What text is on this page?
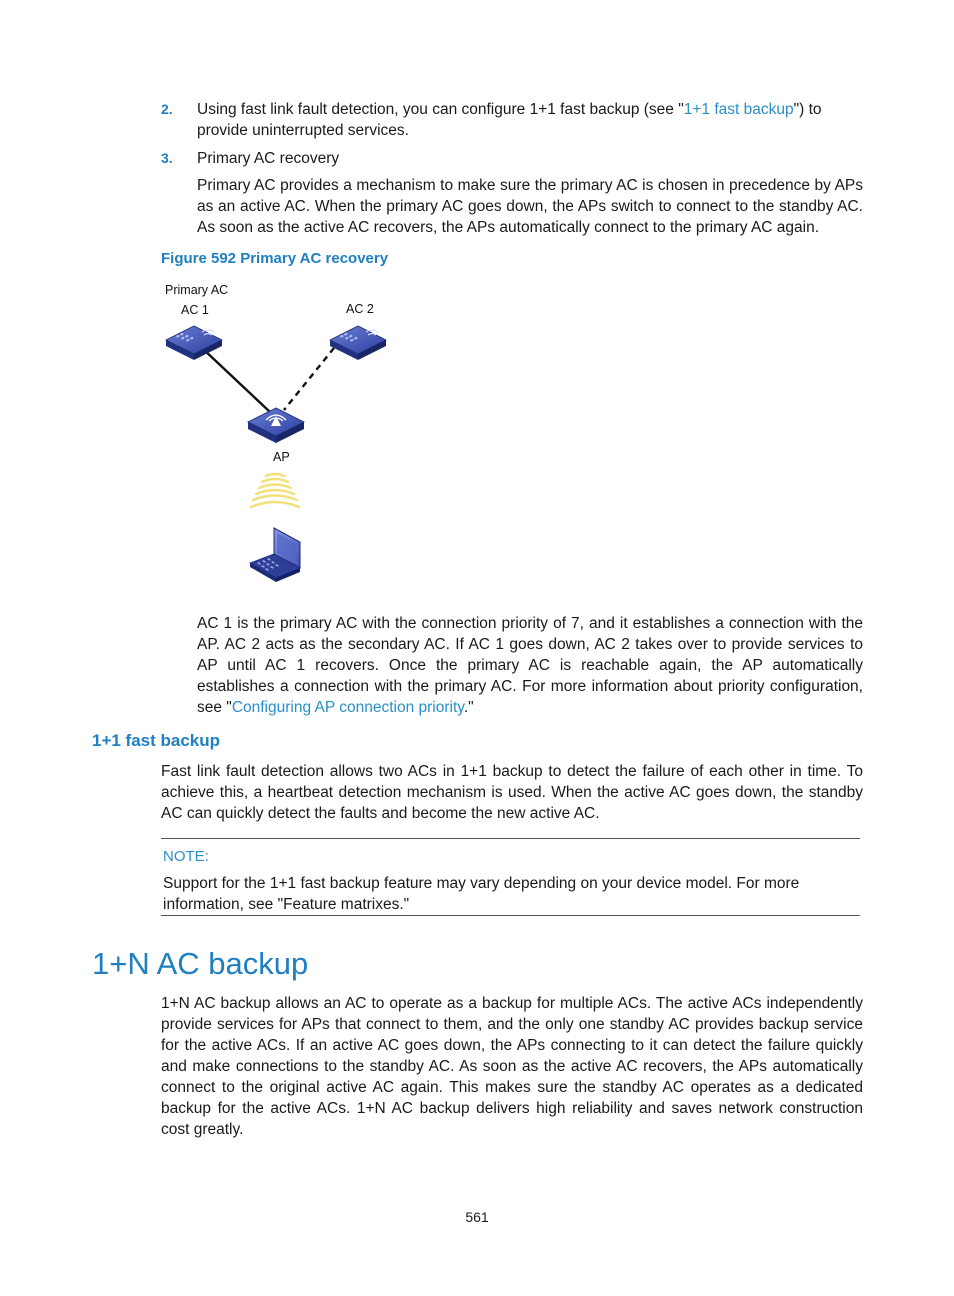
2. Using fast link fault detection, you can configure 1+1 fast backup (see "1+1 fast backup") to
provide uninterrupted services.
3. Primary AC recovery
Primary AC provides a mechanism to make sure the primary AC is chosen in precedence by APs as an active AC. When the primary AC goes down, the APs switch to connect to the standby AC. As soon as the active AC recovers, the APs automatically connect to the primary AC again.
Figure 592 Primary AC recovery
Primary AC
AC 1	AC 2
AP
AC 1 is the primary AC with the connection priority of 7, and it establishes a connection with the AP. AC 2 acts as the secondary AC. If AC 1 goes down, AC 2 takes over to provide services to AP until AC 1 recovers. Once the primary AC is reachable again, the AP automatically establishes a connection with the primary AC. For more information about priority configuration, see "Configuring AP connection priority."
1+1 fast backup
Fast link fault detection allows two ACs in 1+1 backup to detect the failure of each other in time. To achieve this, a heartbeat detection mechanism is used. When the active AC goes down, the standby AC can quickly detect the faults and become the new active AC.
NOTE:
Support for the 1+1 fast backup feature may vary depending on your device model. For more
information, see "Feature matrixes."
1+N AC backup
1+N AC backup allows an AC to operate as a backup for multiple ACs. The active ACs independently provide services for APs that connect to them, and the only one standby AC provides backup service for the active ACs. If an active AC goes down, the APs connecting to it can detect the failure quickly and make connections to the standby AC. As soon as the active AC recovers, the APs automatically connect to the original active AC again. This makes sure the standby AC operates as a dedicated backup for the active ACs. 1+N AC backup delivers high reliability and saves network construction cost greatly.
561
